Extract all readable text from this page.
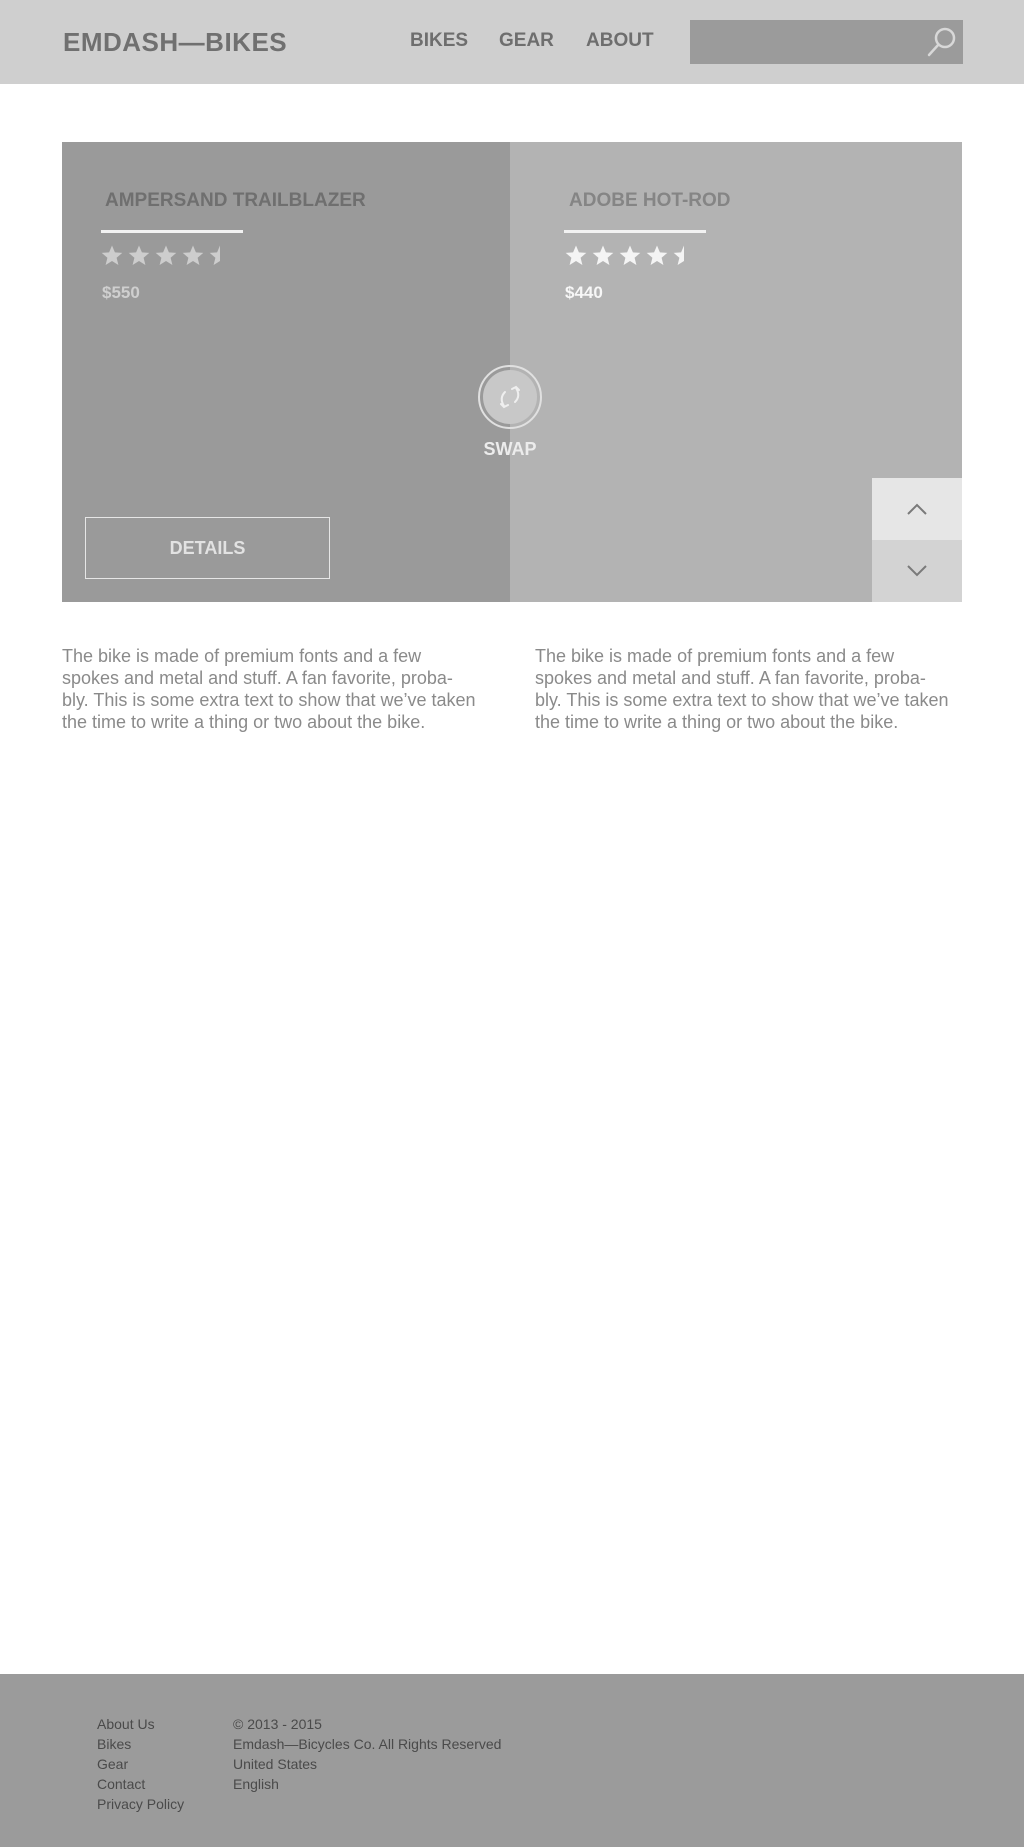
EMDASH—BIKES	BIKES GEAR ABOUT
AMPERSAND TRAILBLAZER
$550
DETAILS
ADOBE HOT-ROD
$440
SWAP

The bike is made of premium fonts and a few spokes and metal and stuff. A fan favorite, proba-bly. This is some extra text to show that we’ve taken the time to write a thing or two about the bike.

The bike is made of premium fonts and a few spokes and metal and stuff. A fan favorite, proba-bly. This is some extra text to show that we’ve taken the time to write a thing or two about the bike.

About Us
Bikes
Gear
Contact
Privacy Policy
© 2013 - 2015
Emdash—Bicycles Co. All Rights Reserved
United States
English
